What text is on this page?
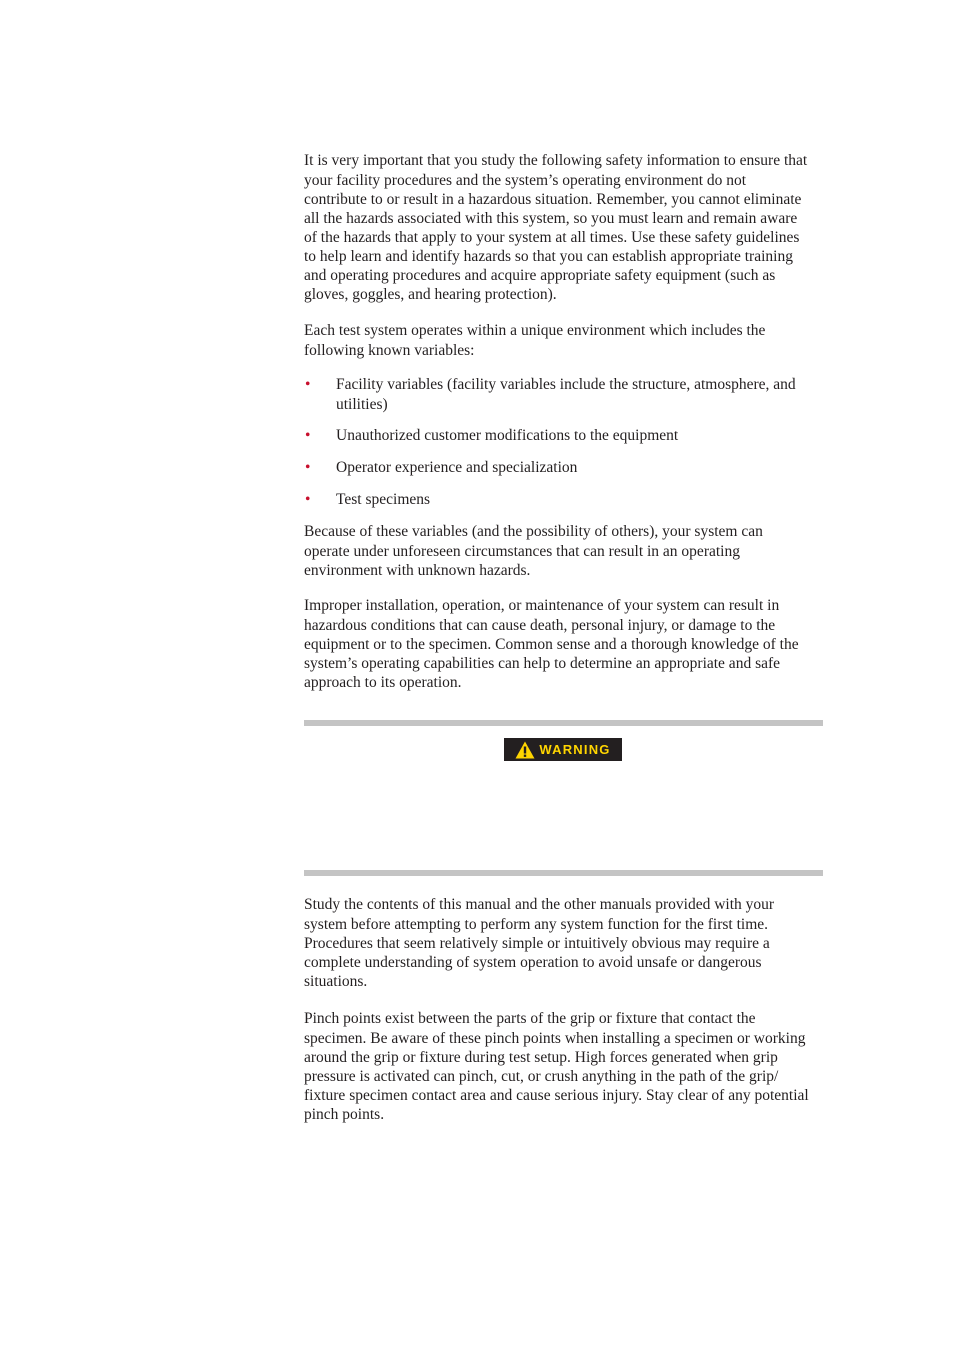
It is very important that you study the following safety information to ensure that
your facility procedures and the system’s operating environment do not
contribute to or result in a hazardous situation. Remember, you cannot eliminate
all the hazards associated with this system, so you must learn and remain aware
of the hazards that apply to your system at all times. Use these safety guidelines
to help learn and identify hazards so that you can establish appropriate training
and operating procedures and acquire appropriate safety equipment (such as
gloves, goggles, and hearing protection).
Each test system operates within a unique environment which includes the
following known variables:
• Facility variables (facility variables include the structure, atmosphere, and
utilities)
• Unauthorized customer modifications to the equipment
• Operator experience and specialization
• Test specimens
Because of these variables (and the possibility of others), your system can
operate under unforeseen circumstances that can result in an operating
environment with unknown hazards.
Improper installation, operation, or maintenance of your system can result in
hazardous conditions that can cause death, personal injury, or damage to the
equipment or to the specimen. Common sense and a thorough knowledge of the
system’s operating capabilities can help to determine an appropriate and safe
approach to its operation.
WARNING
Study the contents of this manual and the other manuals provided with your
system before attempting to perform any system function for the first time.
Procedures that seem relatively simple or intuitively obvious may require a
complete understanding of system operation to avoid unsafe or dangerous
situations.
Pinch points exist between the parts of the grip or fixture that contact the
specimen. Be aware of these pinch points when installing a specimen or working
around the grip or fixture during test setup. High forces generated when grip
pressure is activated can pinch, cut, or crush anything in the path of the grip/
fixture specimen contact area and cause serious injury. Stay clear of any potential
pinch points.
